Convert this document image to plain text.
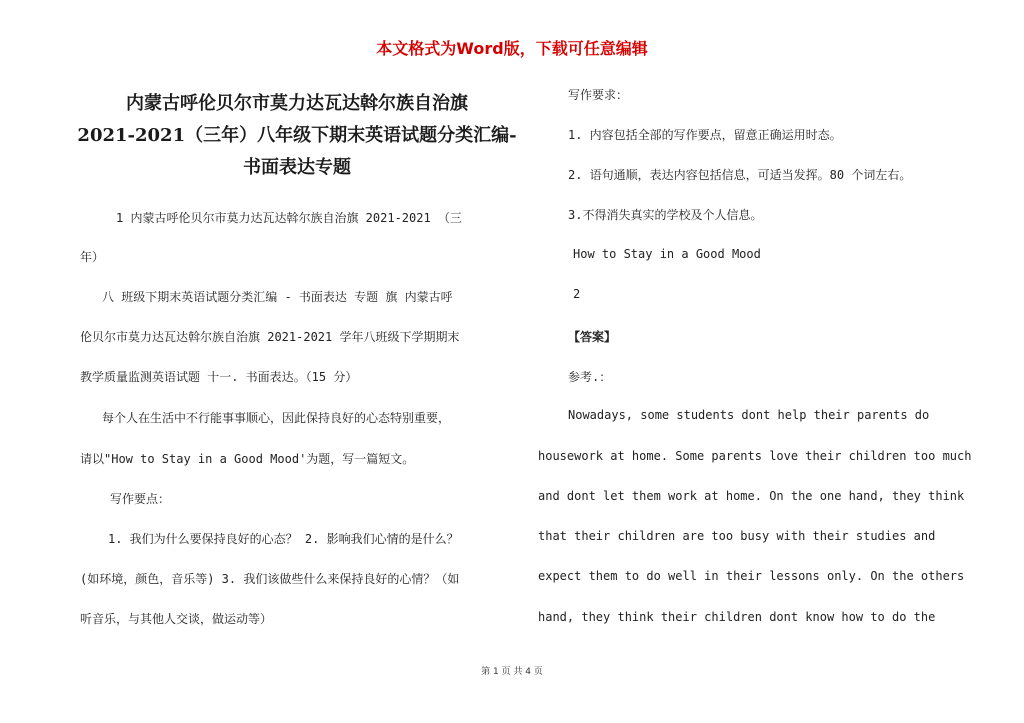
本文格式为Word版，下载可任意编辑
内蒙古呼伦贝尔市莫力达瓦达斡尔族自治旗
2021-2021（三年）八年级下期末英语试题分类汇编-
书面表达专题
1 内蒙古呼伦贝尔市莫力达瓦达斡尔族自治旗 2021-2021 （三
年）
八 班级下期末英语试题分类汇编 - 书面表达 专题 旗 内蒙古呼
伦贝尔市莫力达瓦达斡尔族自治旗 2021-2021 学年八班级下学期期末
教学质量监测英语试题 十一. 书面表达。（15 分）
每个人在生活中不行能事事顺心，因此保持良好的心态特别重要，
请以"How to Stay in a Good Mood'为题，写一篇短文。
写作要点：
1. 我们为什么要保持良好的心态？ 2. 影响我们心情的是什么？
(如环境，颜色，音乐等) 3. 我们该做些什么来保持良好的心情？（如
听音乐，与其他人交谈，做运动等）
写作要求：
1. 内容包括全部的写作要点，留意正确运用时态。
2. 语句通顺，表达内容包括信息，可适当发挥。80 个词左右。
3.不得消失真实的学校及个人信息。
How to Stay in a Good Mood
2
【答案】
参考.：
Nowadays, some students dont help their parents do
housework at home. Some parents love their children too much
and dont let them work at home. On the one hand, they think
that their children are too busy with their studies and
expect them to do well in their lessons only. On the others
hand, they think their children dont know how to do the
第 1 页 共 4 页
